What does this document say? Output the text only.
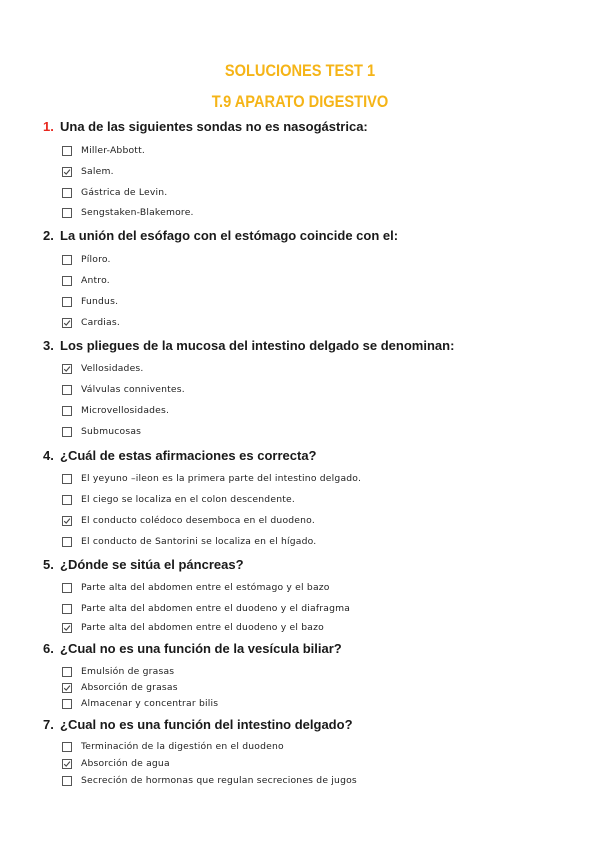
SOLUCIONES TEST 1
T.9 APARATO DIGESTIVO
1. Una de las siguientes sondas no es nasogástrica:
Miller-Abbott.
Salem.
Gástrica de Levin.
Sengstaken-Blakemore.
2. La unión del esófago con el estómago coincide con el:
Píloro.
Antro.
Fundus.
Cardias.
3. Los pliegues de la mucosa del intestino delgado se denominan:
Vellosidades.
Válvulas conniventes.
Microvellosidades.
Submucosas
4. ¿Cuál de estas afirmaciones es correcta?
El yeyuno –ileon es la primera parte del intestino delgado.
El ciego se localiza en el colon descendente.
El conducto colédoco desemboca en el duodeno.
El conducto de Santorini se localiza en el hígado.
5. ¿Dónde se sitúa el páncreas?
Parte alta del abdomen entre el estómago y el bazo
Parte alta del abdomen entre el duodeno y el diafragma
Parte alta del abdomen entre el duodeno y el bazo
6. ¿Cual no es una función de la vesícula biliar?
Emulsión de grasas
Absorción de grasas
Almacenar y concentrar bilis
7. ¿Cual no es una función del intestino delgado?
Terminación de la digestión en el duodeno
Absorción de agua
Secreción de hormonas que regulan secreciones de jugos
